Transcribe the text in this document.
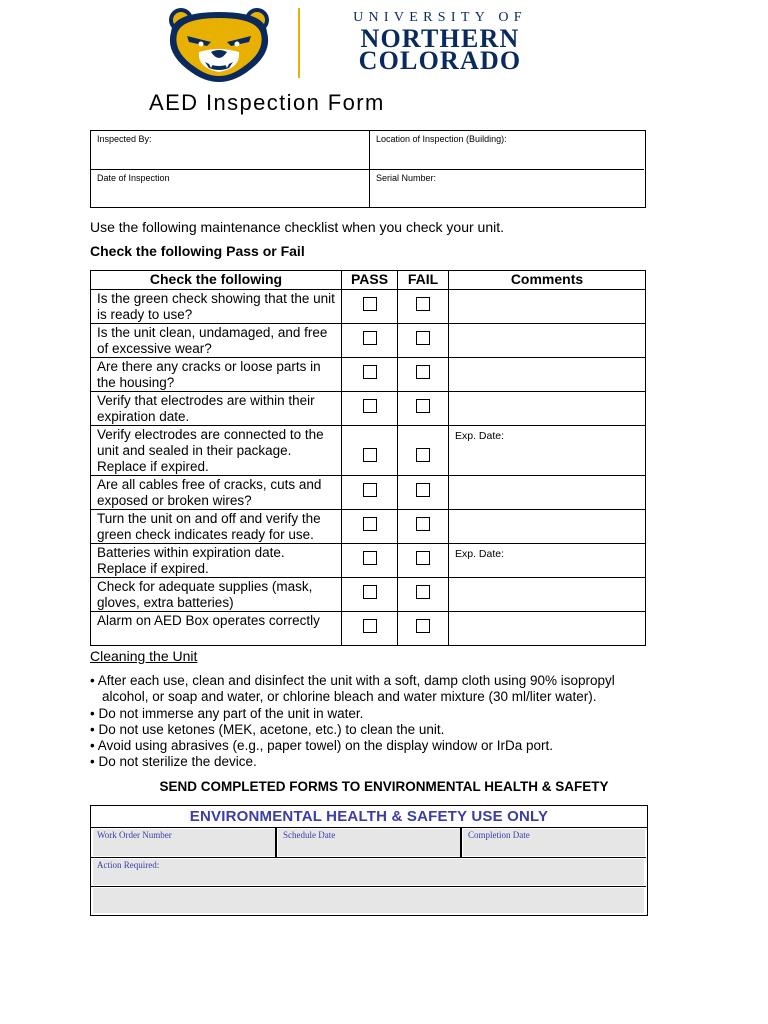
UNIVERSITY OF
NORTHERN
COLORADO
AED Inspection Form
Inspected By:	Location of Inspection (Building):
Date of Inspection	Serial Number:
Use the following maintenance checklist when you check your unit.
Check the following Pass or Fail
Check the following	PASS	FAIL	Comments
Is the green check showing that the unit is ready to use?			
Is the unit clean, undamaged, and free of excessive wear?			
Are there any cracks or loose parts in the housing?			
Verify that electrodes are within their expiration date.			
Verify electrodes are connected to the unit and sealed in their package. Replace if expired.			Exp. Date:
Are all cables free of cracks, cuts and exposed or broken wires?			
Turn the unit on and off and verify the green check indicates ready for use.			
Batteries within expiration date. Replace if expired.			Exp. Date:
Check for adequate supplies (mask, gloves, extra batteries)			
Alarm on AED Box operates correctly			
Cleaning the Unit
• After each use, clean and disinfect the unit with a soft, damp cloth using 90% isopropyl
alcohol, or soap and water, or chlorine bleach and water mixture (30 ml/liter water).
• Do not immerse any part of the unit in water.
• Do not use ketones (MEK, acetone, etc.) to clean the unit.
• Avoid using abrasives (e.g., paper towel) on the display window or IrDa port.
• Do not sterilize the device.
SEND COMPLETED FORMS TO ENVIRONMENTAL HEALTH & SAFETY
ENVIRONMENTAL HEALTH & SAFETY USE ONLY
Work Order Number	Schedule Date	Completion Date
Action Required:
